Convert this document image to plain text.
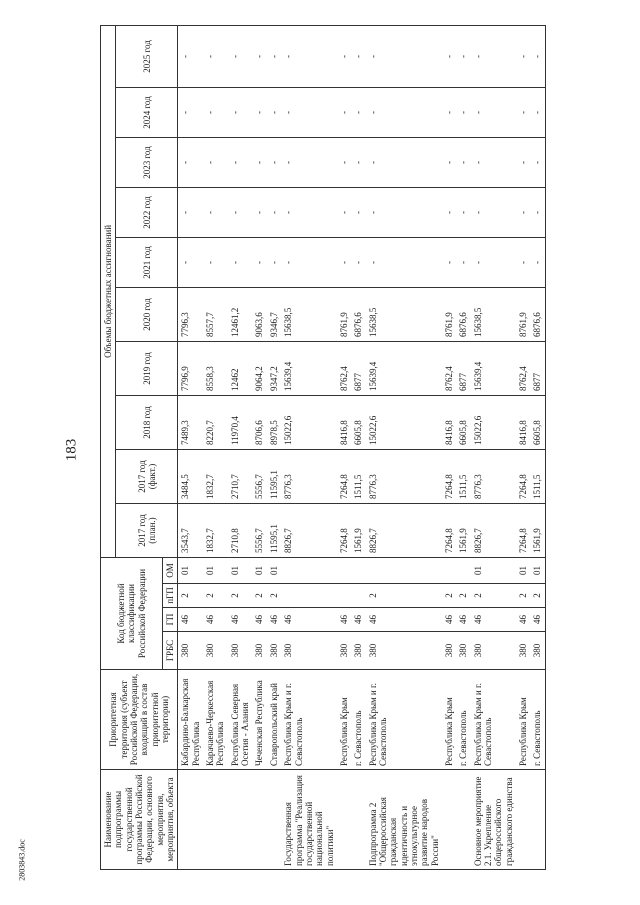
183
2803843.doc
Наименование подпрограммы государственной программы Российской Федерации, основного мероприятия, мероприятия, объекта	Приоритетная территория (субъект Российской Федерации, входящий в состав приоритетной территории)	Код бюджетной классификации Российской Федерации				Объемы бюджетных ассигнований									
						2017 год (план.)	2017 год (факт.)	2018 год	2019 год	2020 год	2021 год	2022 год	2023 год	2024 год	2025 год
		ГРБС	ГП	пГП	ОМ										
	Кабардино-Балкарская Республика	380	46	2	01	3543,7	3484,5	7489,3	7796,9	7796,3	-	-	-	-	-
	Карачаево-Черкесская Республика	380	46	2	01	1832,7	1832,7	8220,7	8558,3	8557,7	-	-	-	-	-
	Республика Северная Осетия - Алания	380	46	2	01	2710,8	2710,7	11970,4	12462	12461,2	-	-	-	-	-
	Чеченская Республика	380	46	2	01	5556,7	5556,7	8706,6	9064,2	9063,6	-	-	-	-	-
	Ставропольский край	380	46	2	01	11595,1	11595,1	8978,5	9347,2	9346,7	-	-	-	-	-
Государственная программа "Реализация государственной национальной политики"	Республика Крым и г. Севастополь	380	46			8826,7	8776,3	15022,6	15639,4	15638,5	-	-	-	-	-
	Республика Крым	380	46			7264,8	7264,8	8416,8	8762,4	8761,9	-	-	-	-	-
	г. Севастополь	380	46			1561,9	1511,5	6605,8	6877	6876,6	-	-	-	-	-
Подпрограмма 2 "Общероссийская гражданская идентичность и этнокультурное развитие народов России"	Республика Крым и г. Севастополь	380	46	2		8826,7	8776,3	15022,6	15639,4	15638,5	-	-	-	-	-
	Республика Крым	380	46	2		7264,8	7264,8	8416,8	8762,4	8761,9	-	-	-	-	-
	г. Севастополь	380	46	2		1561,9	1511,5	6605,8	6877	6876,6	-	-	-	-	-
Основное мероприятие 2.1. Укрепление общероссийского гражданского единства	Республика Крым и г. Севастополь	380	46	2	01	8826,7	8776,3	15022,6	15639,4	15638,5	-	-	-	-	-
	Республика Крым	380	46	2	01	7264,8	7264,8	8416,8	8762,4	8761,9	-	-	-	-	-
	г. Севастополь	380	46	2	01	1561,9	1511,5	6605,8	6877	6876,6	-	-	-	-	-
